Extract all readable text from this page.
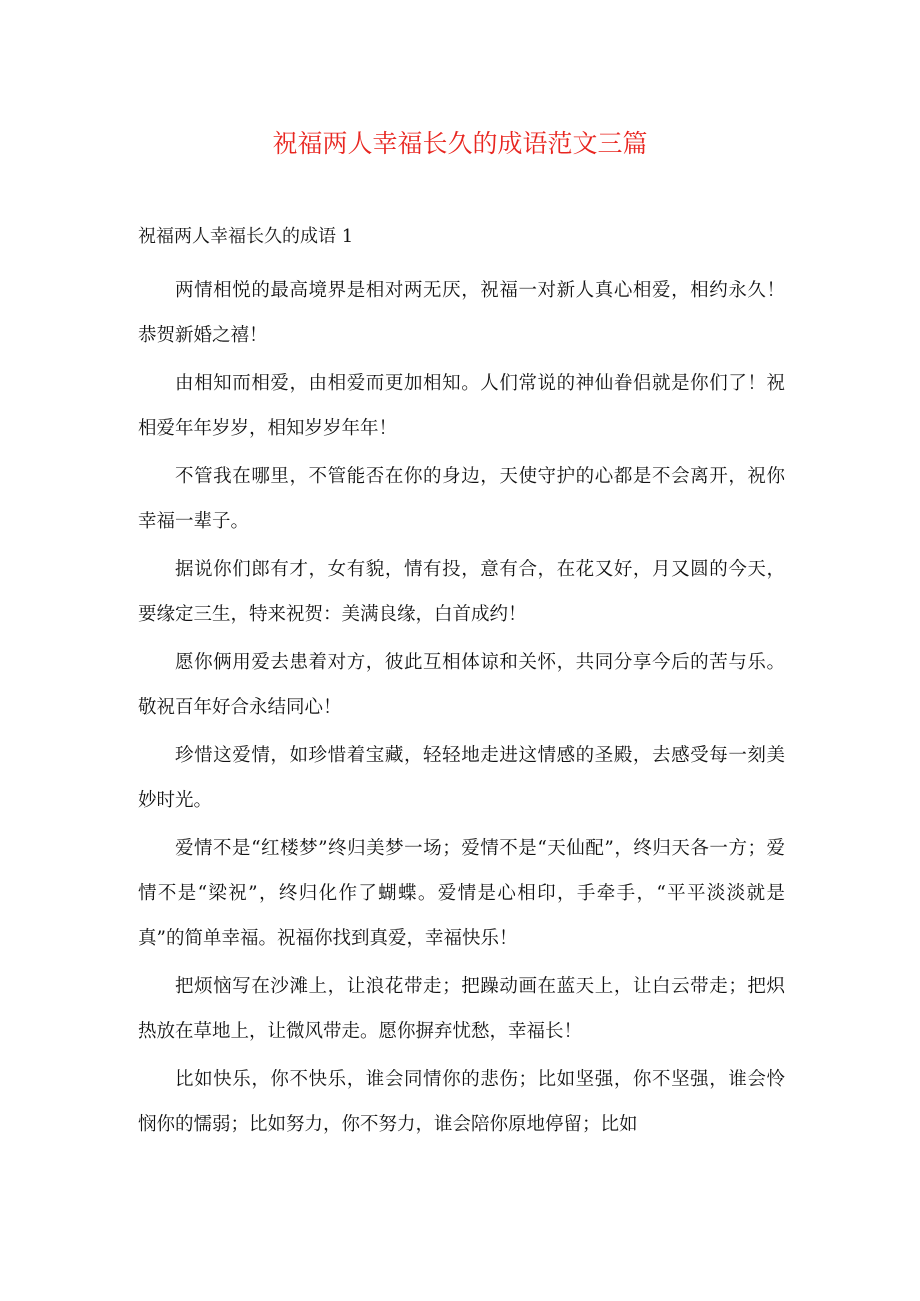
祝福两人幸福长久的成语范文三篇
祝福两人幸福长久的成语 1

两情相悦的最高境界是相对两无厌，祝福一对新人真心相爱，相约永久！恭贺新婚之禧！

由相知而相爱，由相爱而更加相知。人们常说的神仙眷侣就是你们了！祝相爱年年岁岁，相知岁岁年年！

不管我在哪里，不管能否在你的身边，天使守护的心都是不会离开，祝你幸福一辈子。

据说你们郎有才，女有貌，情有投，意有合，在花又好，月又圆的今天，要缘定三生，特来祝贺：美满良缘，白首成约！

愿你俩用爱去患着对方，彼此互相体谅和关怀，共同分享今后的苦与乐。敬祝百年好合永结同心！

珍惜这爱情，如珍惜着宝藏，轻轻地走进这情感的圣殿，去感受每一刻美妙时光。

爱情不是“红楼梦”终归美梦一场；爱情不是“天仙配”，终归天各一方；爱情不是“梁祝”，终归化作了蝴蝶。爱情是心相印，手牵手，“平平淡淡就是真”的简单幸福。祝福你找到真爱，幸福快乐！

把烦恼写在沙滩上，让浪花带走；把躁动画在蓝天上，让白云带走；把炽热放在草地上，让微风带走。愿你摒弃忧愁，幸福长！

比如快乐，你不快乐，谁会同情你的悲伤；比如坚强，你不坚强，谁会怜悯你的懦弱；比如努力，你不努力，谁会陪你原地停留；比如
